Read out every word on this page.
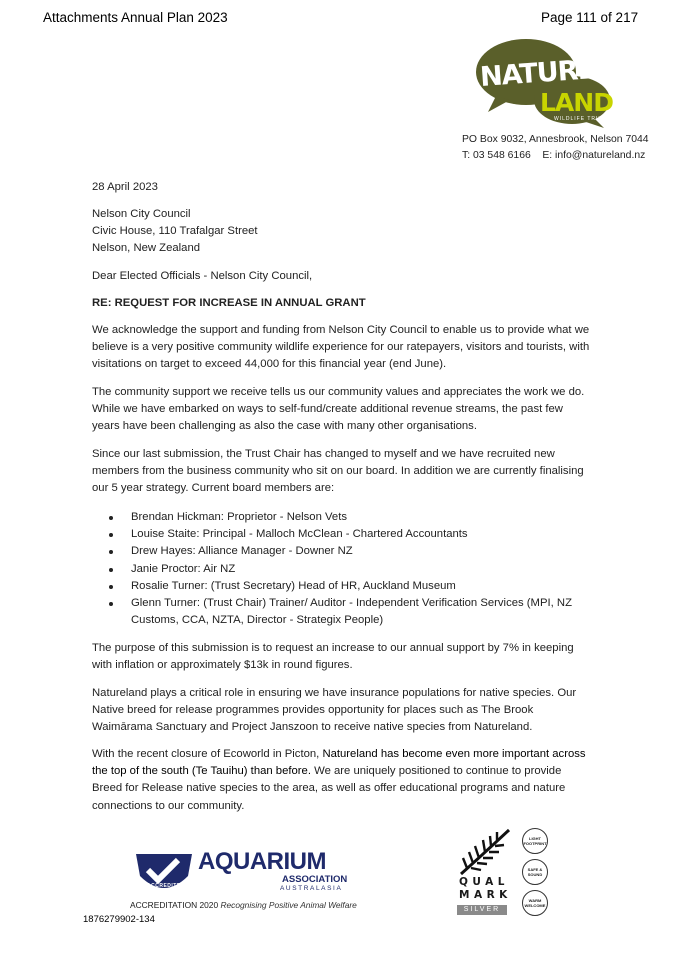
Attachments Annual Plan 2023	Page 111 of 217
NATURE
LAND
WILDLIFE TRUST
PO Box 9032, Annesbrook, Nelson 7044
T: 03 548 6166 E: info@natureland.nz
28 April 2023
Nelson City Council
Civic House, 110 Trafalgar Street
Nelson, New Zealand
Dear Elected Officials - Nelson City Council,
RE: REQUEST FOR INCREASE IN ANNUAL GRANT

We acknowledge the support and funding from Nelson City Council to enable us to provide what we believe is a very positive community wildlife experience for our ratepayers, visitors and tourists, with visitations on target to exceed 44,000 for this financial year (end June).

The community support we receive tells us our community values and appreciates the work we do. While we have embarked on ways to self-fund/create additional revenue streams, the past few years have been challenging as also the case with many other organisations.

Since our last submission, the Trust Chair has changed to myself and we have recruited new members from the business community who sit on our board. In addition we are currently finalising our 5 year strategy. Current board members are:

Brendan Hickman: Proprietor - Nelson Vets
Louise Staite: Principal - Malloch McClean - Chartered Accountants
Drew Hayes: Alliance Manager - Downer NZ
Janie Proctor: Air NZ
Rosalie Turner: (Trust Secretary) Head of HR, Auckland Museum
Glenn Turner: (Trust Chair) Trainer/ Auditor - Independent Verification Services (MPI, NZ Customs, CCA, NZTA, Director - Strategix People)

The purpose of this submission is to request an increase to our annual support by 7% in keeping with inflation or approximately $13k in round figures.

Natureland plays a critical role in ensuring we have insurance populations for native species. Our Native breed for release programmes provides opportunity for places such as The Brook Waimārama Sanctuary and Project Janszoon to receive native species from Natureland.

With the recent closure of Ecoworld in Picton, Natureland has become even more important across the top of the south (Te Tauihu) than before. We are uniquely positioned to continue to provide Breed for Release native species to the area, as well as offer educational programs and nature connections to our community.

ACCREDITED
AQUARIUM
ASSOCIATION
AUSTRALASIA
ACCREDITATION 2020 Recognising Positive Animal Welfare
QUAL
MARK
SILVER
LIGHT FOOTPRINT
SAFE & SOUND
WARM WELCOME
1876279902-134
